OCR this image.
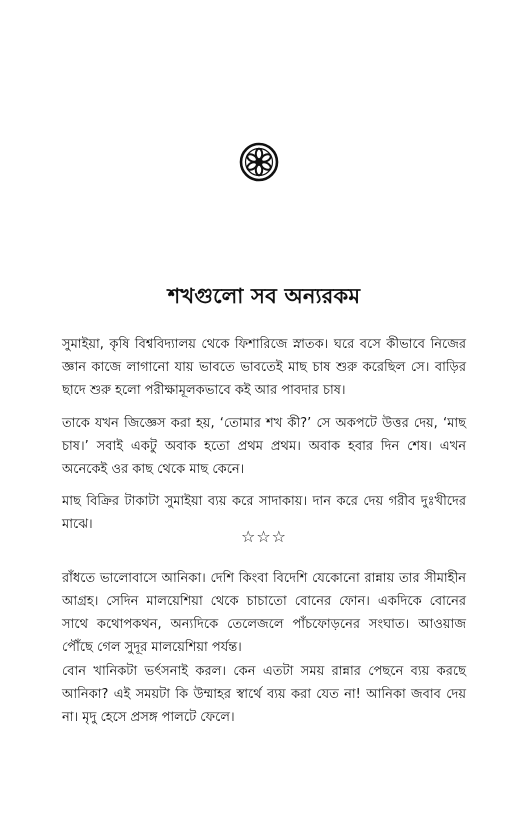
শখগুলো সব অন্যরকম

সুমাইয়া, কৃষি বিশ্ববিদ্যালয় থেকে ফিশারিজে স্নাতক। ঘরে বসে কীভাবে নিজের জ্ঞান কাজে লাগানো যায় ভাবতে ভাবতেই মাছ চাষ শুরু করেছিল সে। বাড়ির ছাদে শুরু হলো পরীক্ষামূলকভাবে কই আর পাবদার চাষ।

তাকে যখন জিজ্ঞেস করা হয়, ‘তোমার শখ কী?’ সে অকপটে উত্তর দেয়, ‘মাছ চাষ।’ সবাই একটু অবাক হতো প্রথম প্রথম। অবাক হবার দিন শেষ। এখন অনেকেই ওর কাছ থেকে মাছ কেনে।

মাছ বিক্রির টাকাটা সুমাইয়া ব্যয় করে সাদাকায়। দান করে দেয় গরীব দুঃখীদের মাঝে।

☆☆☆

রাঁধতে ভালোবাসে আনিকা। দেশি কিংবা বিদেশি যেকোনো রান্নায় তার সীমাহীন আগ্রহ। সেদিন মালয়েশিয়া থেকে চাচাতো বোনের ফোন। একদিকে বোনের সাথে কথোপকথন, অন্যদিকে তেলেজলে পাঁচফোড়নের সংঘাত। আওয়াজ পৌঁছে গেল সুদূর মালয়েশিয়া পর্যন্ত।

বোন খানিকটা ভর্ৎসনাই করল। কেন এতটা সময় রান্নার পেছনে ব্যয় করছে আনিকা? এই সময়টা কি উম্মাহর স্বার্থে ব্যয় করা যেত না! আনিকা জবাব দেয় না। মৃদু হেসে প্রসঙ্গ পালটে ফেলে।
